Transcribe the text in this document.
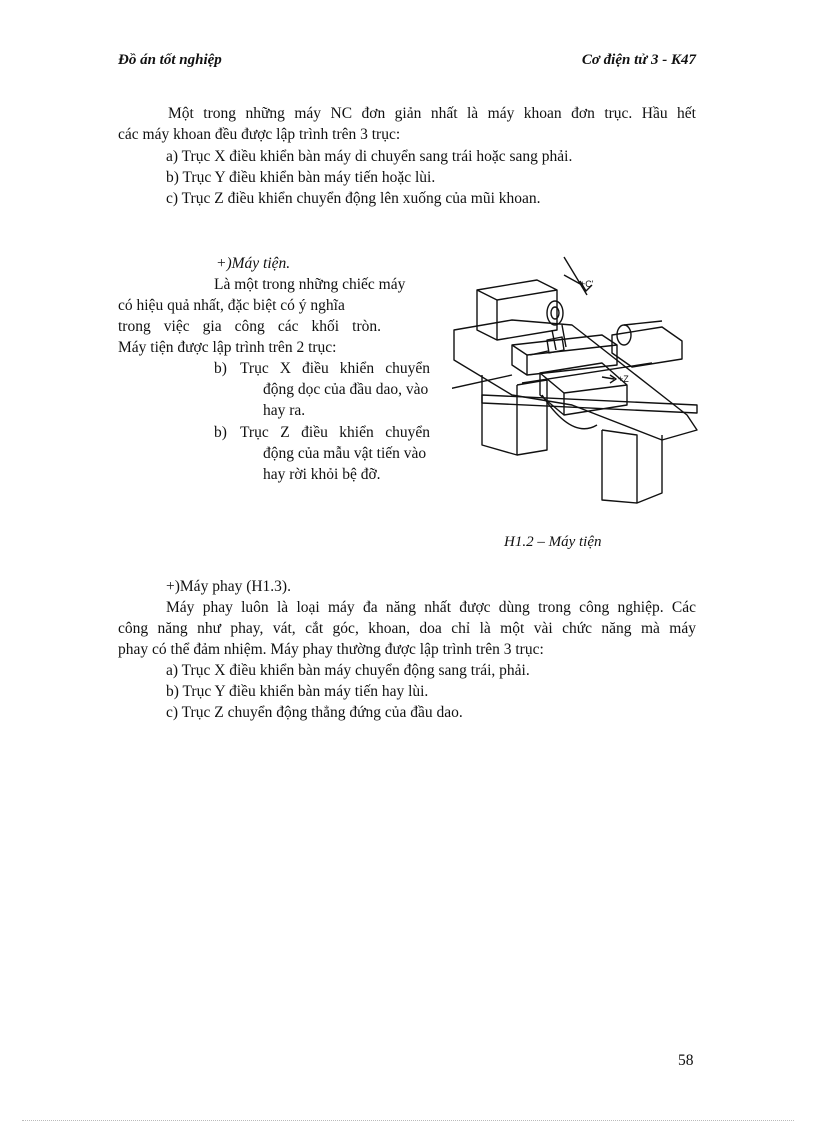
Đồ án tốt nghiệp	Cơ điện tử 3 - K47
Một trong những máy NC đơn giản nhất là máy khoan đơn trục. Hầu hết
các máy khoan đều được lập trình trên 3 trục:
a) Trục X điều khiển bàn máy di chuyển sang trái hoặc sang phải.
b) Trục Y điều khiển bàn máy tiến hoặc lùi.
c) Trục Z điều khiển chuyển động lên xuống của mũi khoan.
+)Máy tiện.
Là một trong những chiếc máy
có hiệu quả nhất, đặc biệt có ý nghĩa
trong việc gia công các khối tròn.
Máy tiện được lập trình trên 2 trục:
b) Trục X điều khiển chuyển
động dọc của đầu dao, vào
hay ra.
b) Trục Z điều khiển chuyển
động của mẫu vật tiến vào
hay rời khỏi bệ đỡ.
+C'
+Z
H1.2 – Máy tiện
+)Máy phay (H1.3).
Máy phay luôn là loại máy đa năng nhất được dùng trong công nghiệp. Các
công năng như phay, vát, cắt góc, khoan, doa chỉ là một vài chức năng mà máy
phay có thể đảm nhiệm. Máy phay thường được lập trình trên 3 trục:
a) Trục X điều khiển bàn máy chuyển động sang trái, phải.
b) Trục Y điều khiển bàn máy tiến hay lùi.
c) Trục Z chuyển động thẳng đứng của đầu dao.
58
